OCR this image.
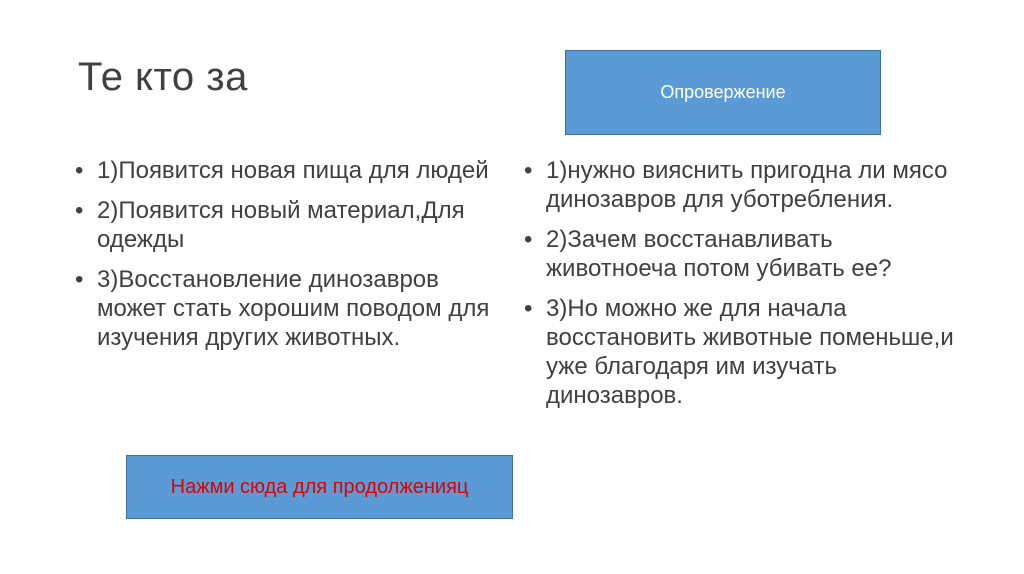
Те кто за	Опровержение
• 1)Появится новая пища для людей
• 2)Появится новый материал,Для одежды
• 3)Восстановление динозавров может стать хорошим поводом для изучения других животных.
• 1)нужно вияснить пригодна ли мясо динозавров для уботребления.
• 2)Зачем восстанавливать животноеча потом убивать ее?
• 3)Но можно же для начала восстановить животные поменьше,и уже благодаря им изучать динозавров.
Нажми сюда для продолженияц
